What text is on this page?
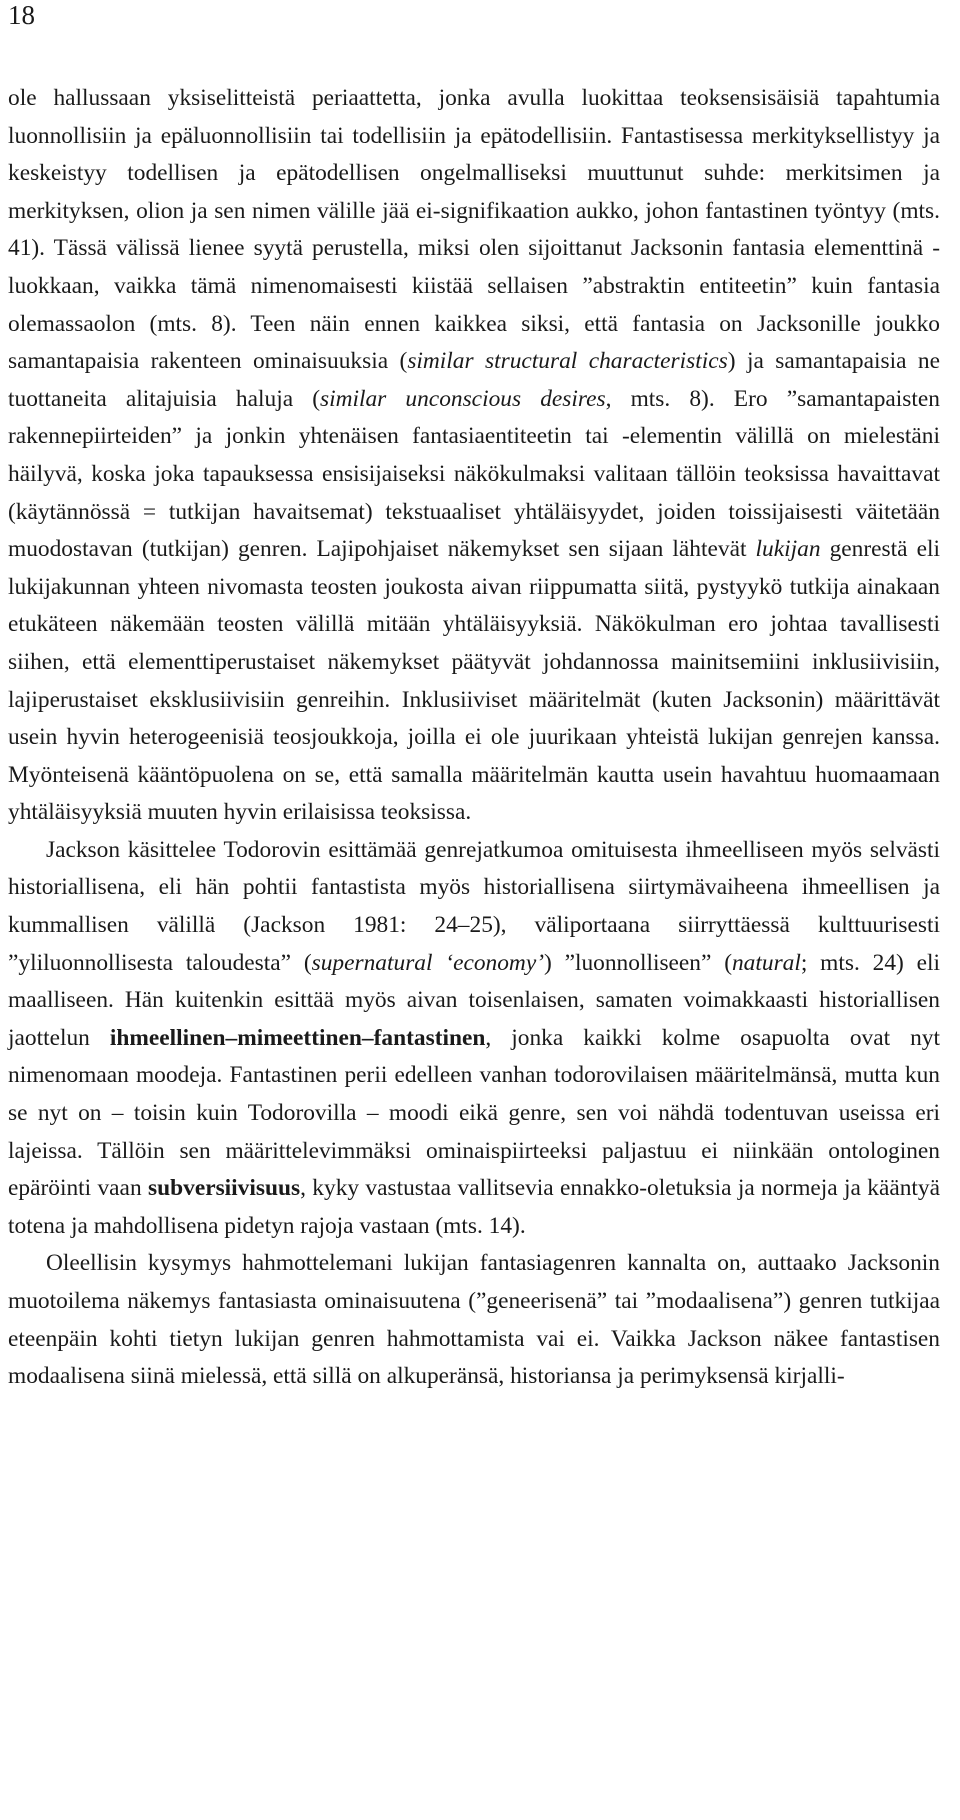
18

ole hallussaan yksiselitteistä periaattetta, jonka avulla luokittaa teoksensisäisiä tapahtumia luonnollisiin ja epäluonnollisiin tai todellisiin ja epätodellisiin. Fantastisessa merkityksellistyy ja keskeistyy todellisen ja epätodellisen ongelmalliseksi muuttunut suhde: merkitsimen ja merkityksen, olion ja sen nimen välille jää ei-signifikaation aukko, johon fantastinen työntyy (mts. 41). Tässä välissä lienee syytä perustella, miksi olen sijoittanut Jacksonin fantasia elementtinä -luokkaan, vaikka tämä nimenomaisesti kiistää sellaisen ”abstraktin entiteetin” kuin fantasia olemassaolon (mts. 8). Teen näin ennen kaikkea siksi, että fantasia on Jacksonille joukko samantapaisia rakenteen ominaisuuksia (similar structural characteristics) ja samantapaisia ne tuottaneita alitajuisia haluja (similar unconscious desires, mts. 8). Ero ”samantapaisten rakennepiirteiden” ja jonkin yhtenäisen fantasiaentiteetin tai -elementin välillä on mielestäni häilyvä, koska joka tapauksessa ensisijaiseksi näkökulmaksi valitaan tällöin teoksissa havaittavat (käytännössä = tutkijan havaitsemat) tekstuaaliset yhtäläisyydet, joiden toissijaisesti väitetään muodostavan (tutkijan) genren. Lajipohjaiset näkemykset sen sijaan lähtevät lukijan genrestä eli lukijakunnan yhteen nivomasta teosten joukosta aivan riippumatta siitä, pystyykö tutkija ainakaan etukäteen näkemään teosten välillä mitään yhtäläisyyksiä. Näkökulman ero johtaa tavallisesti siihen, että elementtiperustaiset näkemykset päätyvät johdannossa mainitsemiini inklusiivisiin, lajiperustaiset eksklusiivisiin genreihin. Inklusiiviset määritelmät (kuten Jacksonin) määrittävät usein hyvin heterogeenisiä teosjoukkoja, joilla ei ole juurikaan yhteistä lukijan genrejen kanssa. Myönteisenä kääntöpuolena on se, että samalla määritelmän kautta usein havahtuu huomaamaan yhtäläisyyksiä muuten hyvin erilaisissa teoksissa.

Jackson käsittelee Todorovin esittämää genrejatkumoa omituisesta ihmeelliseen myös selvästi historiallisena, eli hän pohtii fantastista myös historiallisena siirtymävaiheena ihmeellisen ja kummallisen välillä (Jackson 1981: 24–25), väliportaana siirryttäessä kulttuurisesti ”yliluonnollisesta taloudesta” (supernatural ‘economy’) ”luonnolliseen” (natural; mts. 24) eli maalliseen. Hän kuitenkin esittää myös aivan toisenlaisen, samaten voimakkaasti historiallisen jaottelun ihmeellinen–mimeettinen–fantastinen, jonka kaikki kolme osapuolta ovat nyt nimenomaan moodeja. Fantastinen perii edelleen vanhan todorovilaisen määritelmänsä, mutta kun se nyt on – toisin kuin Todorovilla – moodi eikä genre, sen voi nähdä todentuvan useissa eri lajeissa. Tällöin sen määrittelevimmäksi ominaispiirteeksi paljastuu ei niinkään ontologinen epäröinti vaan subversiivisuus, kyky vastustaa vallitsevia ennakko-oletuksia ja normeja ja kääntyä totena ja mahdollisena pidetyn rajoja vastaan (mts. 14).

Oleellisin kysymys hahmottelemani lukijan fantasiagenren kannalta on, auttaako Jacksonin muotoilema näkemys fantasiasta ominaisuutena (”geneerisenä” tai ”modaalisena”) genren tutkijaa eteenpäin kohti tietyn lukijan genren hahmottamista vai ei. Vaikka Jackson näkee fantastisen modaalisena siinä mielessä, että sillä on alkuperänsä, historiansa ja perimyksensä kirjalli-
